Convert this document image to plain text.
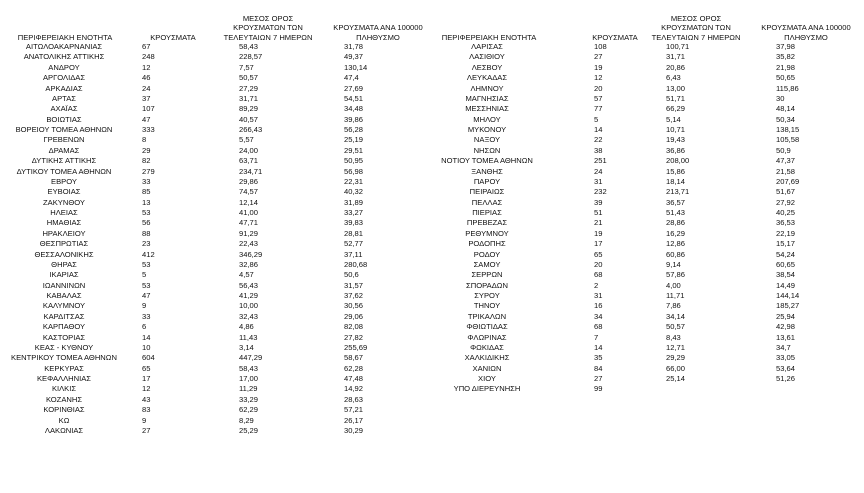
ΠΕΡΙΦΕΡΕΙΑΚΗ ΕΝΟΤΗΤΑ	ΚΡΟΥΣΜΑΤΑ
ΜΕΣΟΣ ΟΡΟΣ
ΚΡΟΥΣΜΑΤΩΝ ΤΩΝ
ΤΕΛΕΥΤΑΙΩΝ 7 ΗΜΕΡΩΝ
ΚΡΟΥΣΜΑΤΑ ΑΝΑ 100000
ΠΛΗΘΥΣΜΟ
ΑΙΤΩΛΟΑΚΑΡΝΑΝΙΑΣ	67	58,43	31,78
ΑΝΑΤΟΛΙΚΗΣ ΑΤΤΙΚΗΣ	248	228,57	49,37
ΑΝΔΡΟΥ	12	7,57	130,14
ΑΡΓΟΛΙΔΑΣ	46	50,57	47,4
ΑΡΚΑΔΙΑΣ	24	27,29	27,69
ΑΡΤΑΣ	37	31,71	54,51
ΑΧΑΪΑΣ	107	89,29	34,48
ΒΟΙΩΤΙΑΣ	47	40,57	39,86
ΒΟΡΕΙΟΥ ΤΟΜΕΑ ΑΘΗΝΩΝ	333	266,43	56,28
ΓΡΕΒΕΝΩΝ	8	5,57	25,19
ΔΡΑΜΑΣ	29	24,00	29,51
ΔΥΤΙΚΗΣ ΑΤΤΙΚΗΣ	82	63,71	50,95
ΔΥΤΙΚΟΥ ΤΟΜΕΑ ΑΘΗΝΩΝ	279	234,71	56,98
ΕΒΡΟΥ	33	29,86	22,31
ΕΥΒΟΙΑΣ	85	74,57	40,32
ΖΑΚΥΝΘΟΥ	13	12,14	31,89
ΗΛΕΙΑΣ	53	41,00	33,27
ΗΜΑΘΙΑΣ	56	47,71	39,83
ΗΡΑΚΛΕΙΟΥ	88	91,29	28,81
ΘΕΣΠΡΩΤΙΑΣ	23	22,43	52,77
ΘΕΣΣΑΛΟΝΙΚΗΣ	412	346,29	37,11
ΘΗΡΑΣ	53	32,86	280,68
ΙΚΑΡΙΑΣ	5	4,57	50,6
ΙΩΑΝΝΙΝΩΝ	53	56,43	31,57
ΚΑΒΑΛΑΣ	47	41,29	37,62
ΚΑΛΥΜΝΟΥ	9	10,00	30,56
ΚΑΡΔΙΤΣΑΣ	33	32,43	29,06
ΚΑΡΠΑΘΟΥ	6	4,86	82,08
ΚΑΣΤΟΡΙΑΣ	14	11,43	27,82
ΚΕΑΣ - ΚΥΘΝΟΥ	10	3,14	255,69
ΚΕΝΤΡΙΚΟΥ ΤΟΜΕΑ ΑΘΗΝΩΝ	604	447,29	58,67
ΚΕΡΚΥΡΑΣ	65	58,43	62,28
ΚΕΦΑΛΛΗΝΙΑΣ	17	17,00	47,48
ΚΙΛΚΙΣ	12	11,29	14,92
ΚΟΖΑΝΗΣ	43	33,29	28,63
ΚΟΡΙΝΘΙΑΣ	83	62,29	57,21
ΚΩ	9	8,29	26,17
ΛΑΚΩΝΙΑΣ	27	25,29	30,29
ΠΕΡΙΦΕΡΕΙΑΚΗ ΕΝΟΤΗΤΑ	ΚΡΟΥΣΜΑΤΑ
ΜΕΣΟΣ ΟΡΟΣ
ΚΡΟΥΣΜΑΤΩΝ ΤΩΝ
ΤΕΛΕΥΤΑΙΩΝ 7 ΗΜΕΡΩΝ
ΚΡΟΥΣΜΑΤΑ ΑΝΑ 100000
ΠΛΗΘΥΣΜΟ
ΛΑΡΙΣΑΣ	108	100,71	37,98
ΛΑΣΙΘΙΟΥ	27	31,71	35,82
ΛΕΣΒΟΥ	19	20,86	21,98
ΛΕΥΚΑΔΑΣ	12	6,43	50,65
ΛΗΜΝΟΥ	20	13,00	115,86
ΜΑΓΝΗΣΙΑΣ	57	51,71	30
ΜΕΣΣΗΝΙΑΣ	77	66,29	48,14
ΜΗΛΟΥ	5	5,14	50,34
ΜΥΚΟΝΟΥ	14	10,71	138,15
ΝΑΞΟΥ	22	19,43	105,58
ΝΗΣΩΝ	38	36,86	50,9
ΝΟΤΙΟΥ ΤΟΜΕΑ ΑΘΗΝΩΝ	251	208,00	47,37
ΞΑΝΘΗΣ	24	15,86	21,58
ΠΑΡΟΥ	31	18,14	207,69
ΠΕΙΡΑΙΩΣ	232	213,71	51,67
ΠΕΛΛΑΣ	39	36,57	27,92
ΠΙΕΡΙΑΣ	51	51,43	40,25
ΠΡΕΒΕΖΑΣ	21	28,86	36,53
ΡΕΘΥΜΝΟΥ	19	16,29	22,19
ΡΟΔΟΠΗΣ	17	12,86	15,17
ΡΟΔΟΥ	65	60,86	54,24
ΣΑΜΟΥ	20	9,14	60,65
ΣΕΡΡΩΝ	68	57,86	38,54
ΣΠΟΡΑΔΩΝ	2	4,00	14,49
ΣΥΡΟΥ	31	11,71	144,14
ΤΗΝΟΥ	16	7,86	185,27
ΤΡΙΚΑΛΩΝ	34	34,14	25,94
ΦΘΙΩΤΙΔΑΣ	68	50,57	42,98
ΦΛΩΡΙΝΑΣ	7	8,43	13,61
ΦΩΚΙΔΑΣ	14	12,71	34,7
ΧΑΛΚΙΔΙΚΗΣ	35	29,29	33,05
ΧΑΝΙΩΝ	84	66,00	53,64
ΧΙΟΥ	27	25,14	51,26
ΥΠΟ ΔΙΕΡΕΥΝΗΣΗ	99
